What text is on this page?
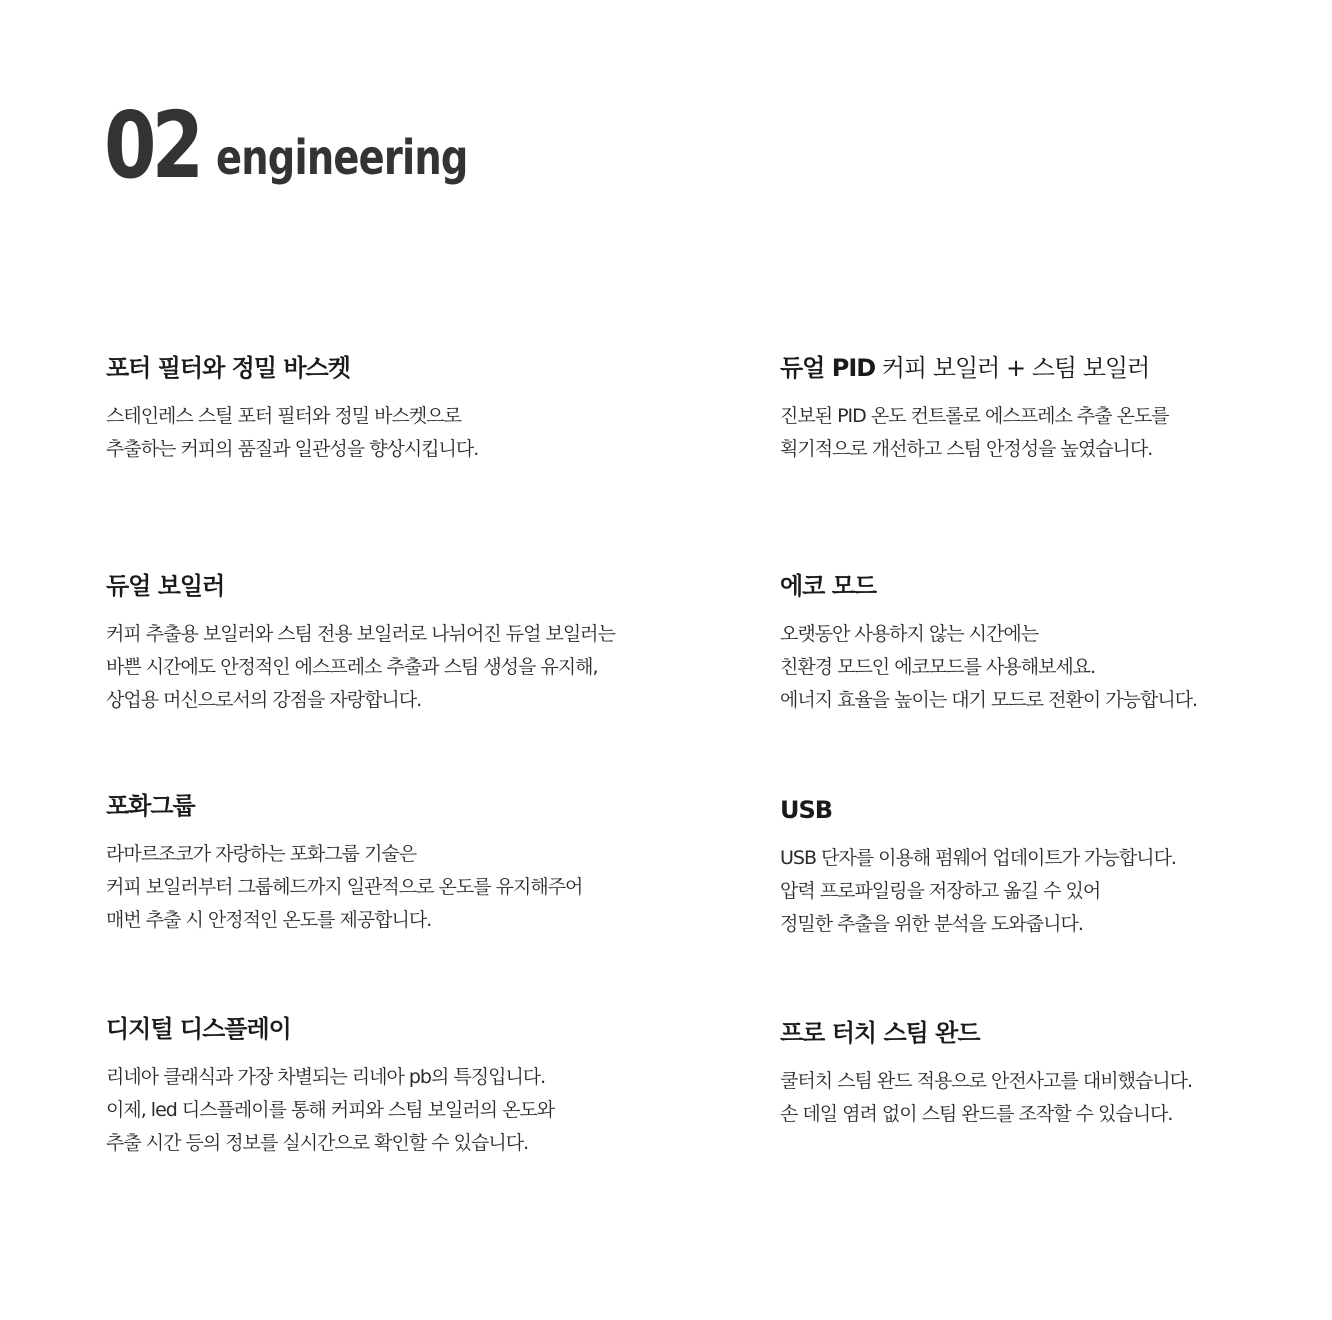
02 engineering
포터 필터와 정밀 바스켓
스테인레스 스틸 포터 필터와 정밀 바스켓으로
추출하는 커피의 품질과 일관성을 향상시킵니다.
듀얼 보일러
커피 추출용 보일러와 스팀 전용 보일러로 나뉘어진 듀얼 보일러는
바쁜 시간에도 안정적인 에스프레소 추출과 스팀 생성을 유지해,
상업용 머신으로서의 강점을 자랑합니다.
포화그룹
라마르조코가 자랑하는 포화그룹 기술은
커피 보일러부터 그룹헤드까지 일관적으로 온도를 유지해주어
매번 추출 시 안정적인 온도를 제공합니다.
디지털 디스플레이
리네아 클래식과 가장 차별되는 리네아 pb의 특징입니다.
이제, led 디스플레이를 통해 커피와 스팀 보일러의 온도와
추출 시간 등의 정보를 실시간으로 확인할 수 있습니다.
듀얼 PID 커피 보일러 + 스팀 보일러
진보된 PID 온도 컨트롤로 에스프레소 추출 온도를
획기적으로 개선하고 스팀 안정성을 높였습니다.
에코 모드
오랫동안 사용하지 않는 시간에는
친환경 모드인 에코모드를 사용해보세요.
에너지 효율을 높이는 대기 모드로 전환이 가능합니다.
USB
USB 단자를 이용해 펌웨어 업데이트가 가능합니다.
압력 프로파일링을 저장하고 옮길 수 있어
정밀한 추출을 위한 분석을 도와줍니다.
프로 터치 스팀 완드
쿨터치 스팀 완드 적용으로 안전사고를 대비했습니다.
손 데일 염려 없이 스팀 완드를 조작할 수 있습니다.
